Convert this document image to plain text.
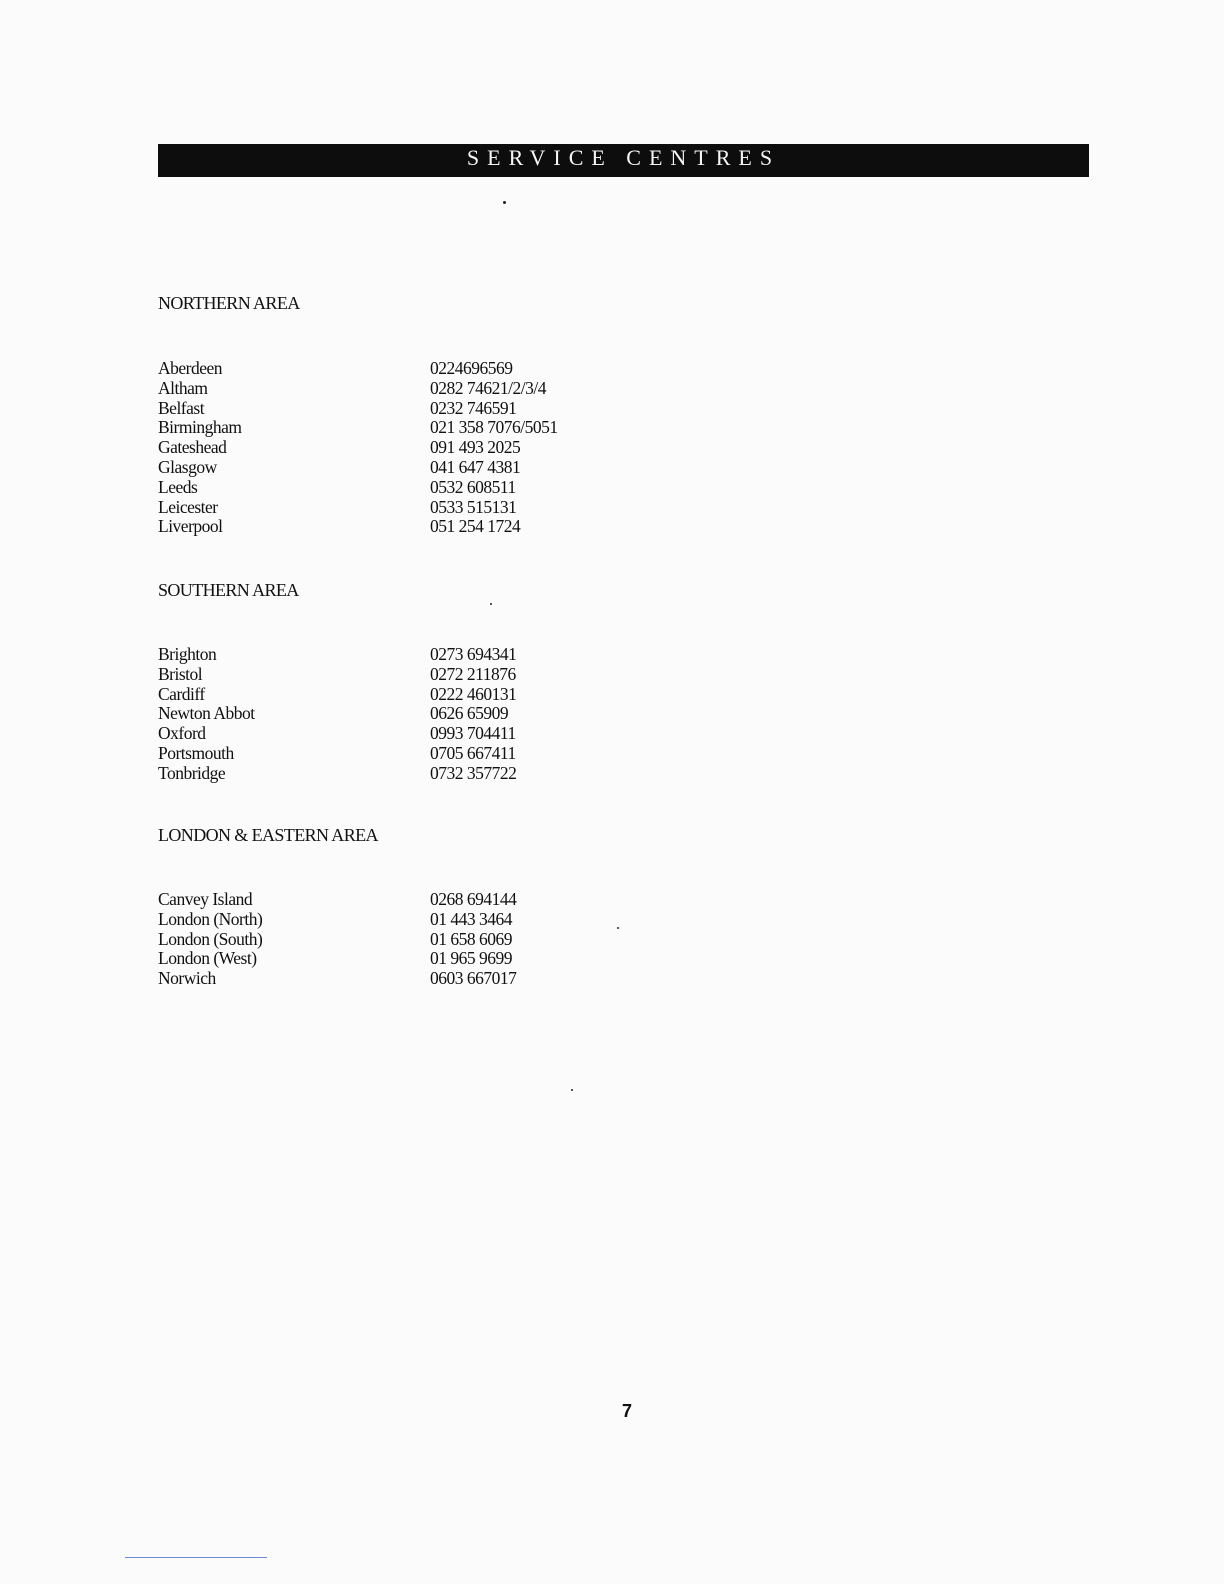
SERVICE CENTRES
NORTHERN AREA
Aberdeen	0224696569
Altham	0282 74621/2/3/4
Belfast	0232 746591
Birmingham	021 358 7076/5051
Gateshead	091 493 2025
Glasgow	041 647 4381
Leeds	0532 608511
Leicester	0533 515131
Liverpool	051 254 1724
SOUTHERN AREA
Brighton	0273 694341
Bristol	0272 211876
Cardiff	0222 460131
Newton Abbot	0626 65909
Oxford	0993 704411
Portsmouth	0705 667411
Tonbridge	0732 357722
LONDON & EASTERN AREA
Canvey Island	0268 694144
London (North)	01 443 3464
London (South)	01 658 6069
London (West)	01 965 9699
Norwich	0603 667017
7
